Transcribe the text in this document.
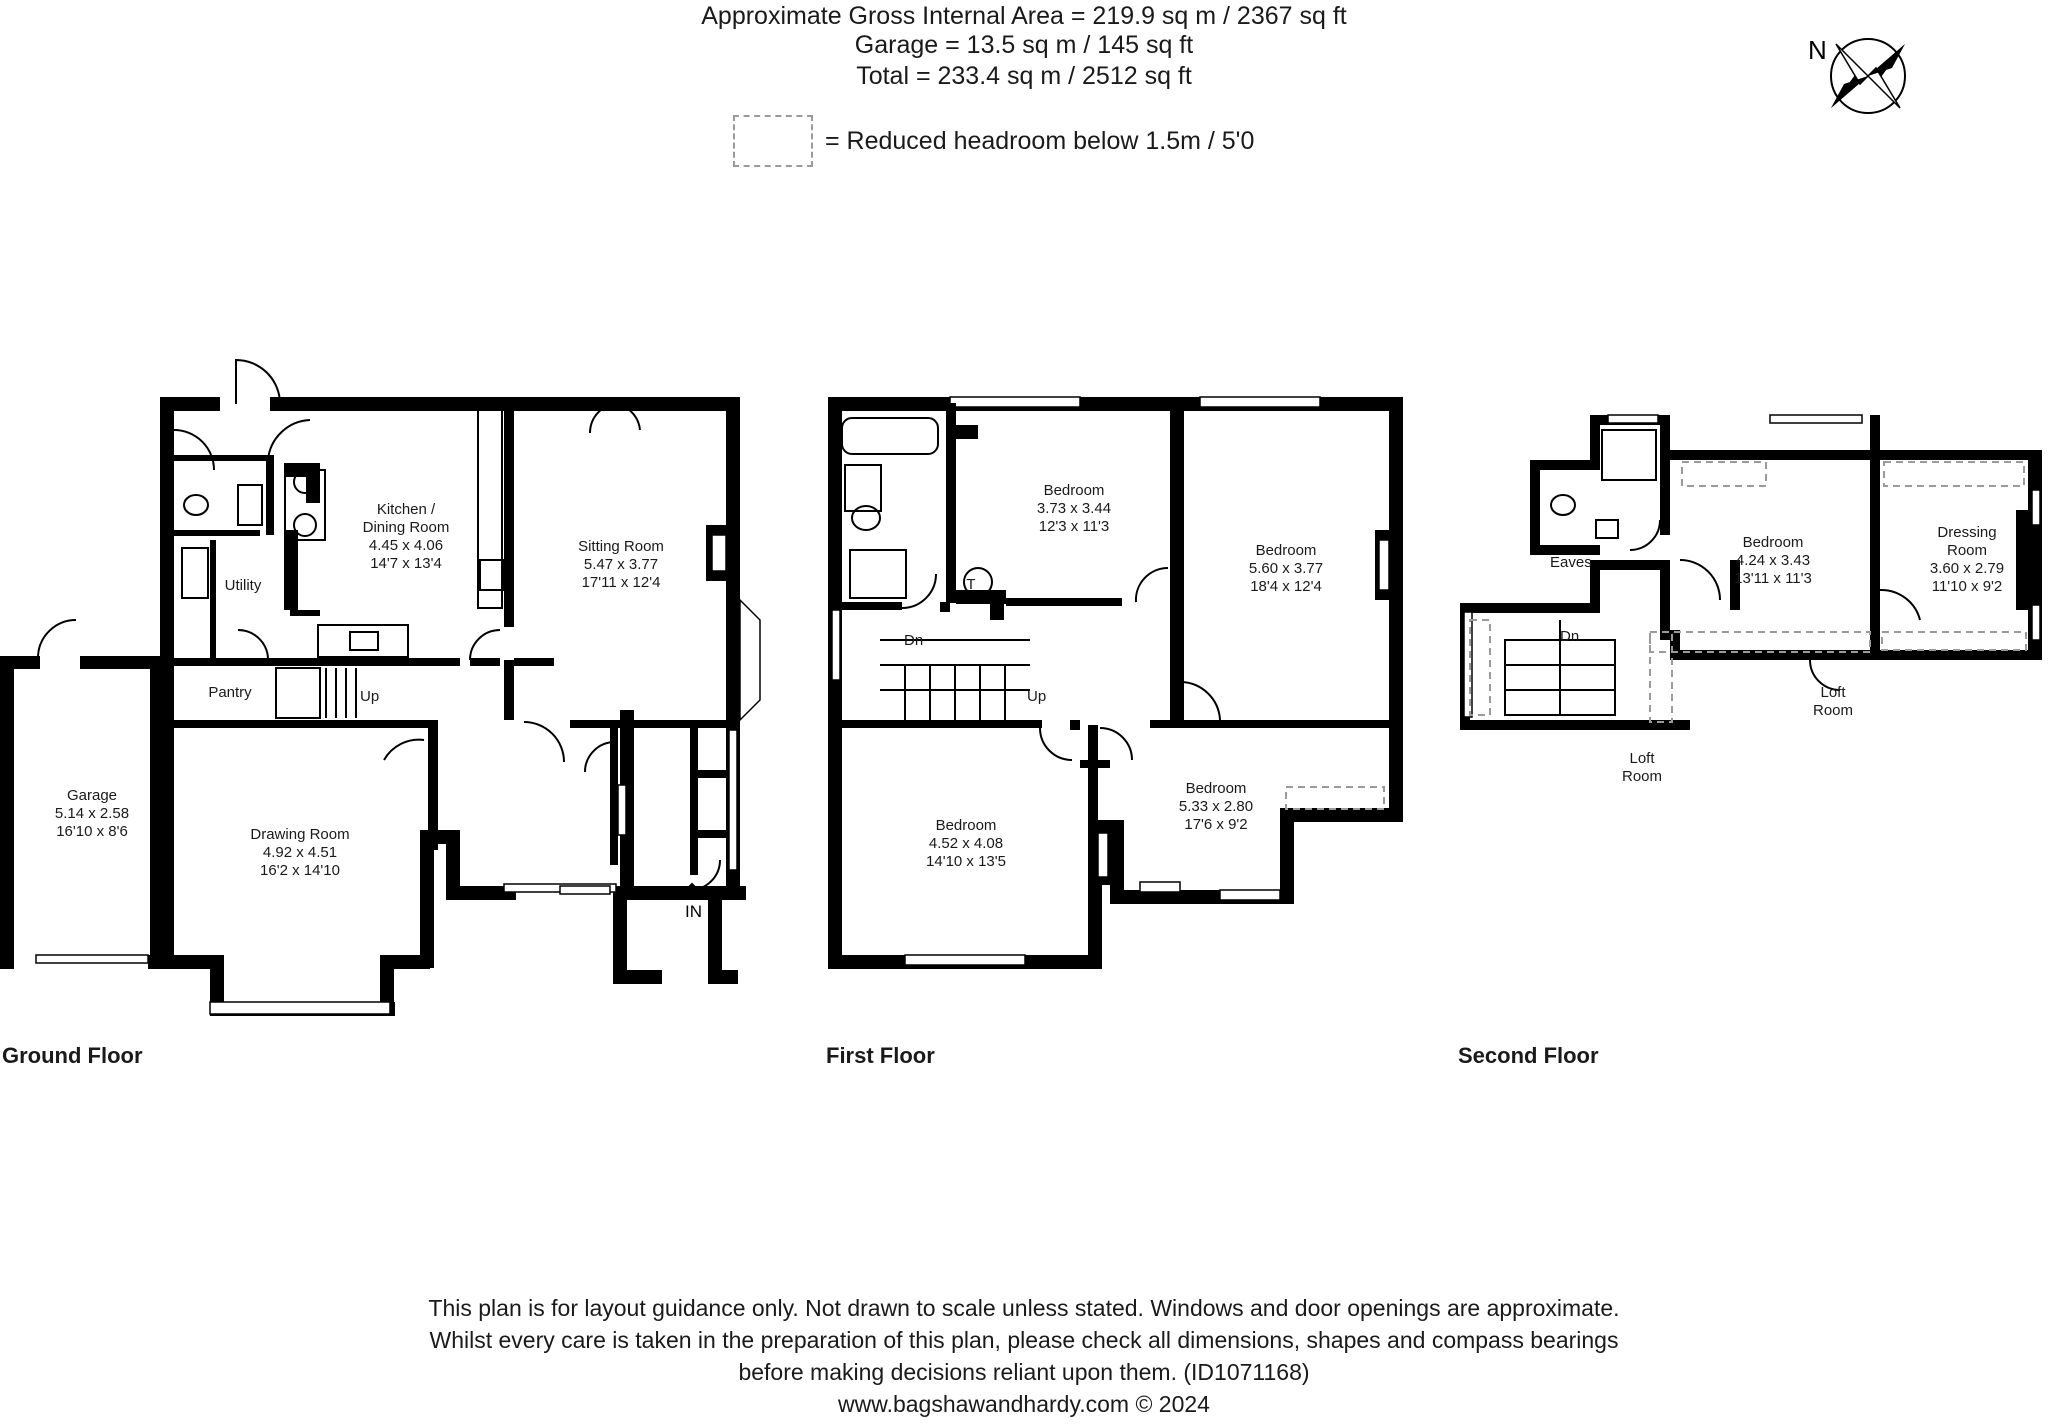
Approximate Gross Internal Area = 219.9 sq m / 2367 sq ft
Garage = 13.5 sq m / 145 sq ft
Total = 233.4 sq m / 2512 sq ft
= Reduced headroom below 1.5m / 5'0
N
Kitchen /
Dining Room
4.45 x 4.06
14'7 x 13'4
Sitting Room
5.47 x 3.77
17'11 x 12'4
Utility
Pantry
Garage
5.14 x 2.58
16'10 x 8'6	Drawing Room
4.92 x 4.51
16'2 x 14'10
Bedroom
3.73 x 3.44
12'3 x 11'3
Bedroom
5.60 x 3.77
18'4 x 12'4
Bedroom
4.52 x 4.08
14'10 x 13'5
Bedroom
5.33 x 2.80
17'6 x 9'2
Bedroom
4.24 x 3.43
13'11 x 11'3
Dressing
Room
3.60 x 2.79
11'10 x 9'2
Up	Up
Dn	Dn
Eaves
IN
T
Loft
Room
Loft
Room
Ground Floor	First Floor	Second Floor
This plan is for layout guidance only. Not drawn to scale unless stated. Windows and door openings are approximate.
Whilst every care is taken in the preparation of this plan, please check all dimensions, shapes and compass bearings
before making decisions reliant upon them. (ID1071168)
www.bagshawandhardy.com © 2024
